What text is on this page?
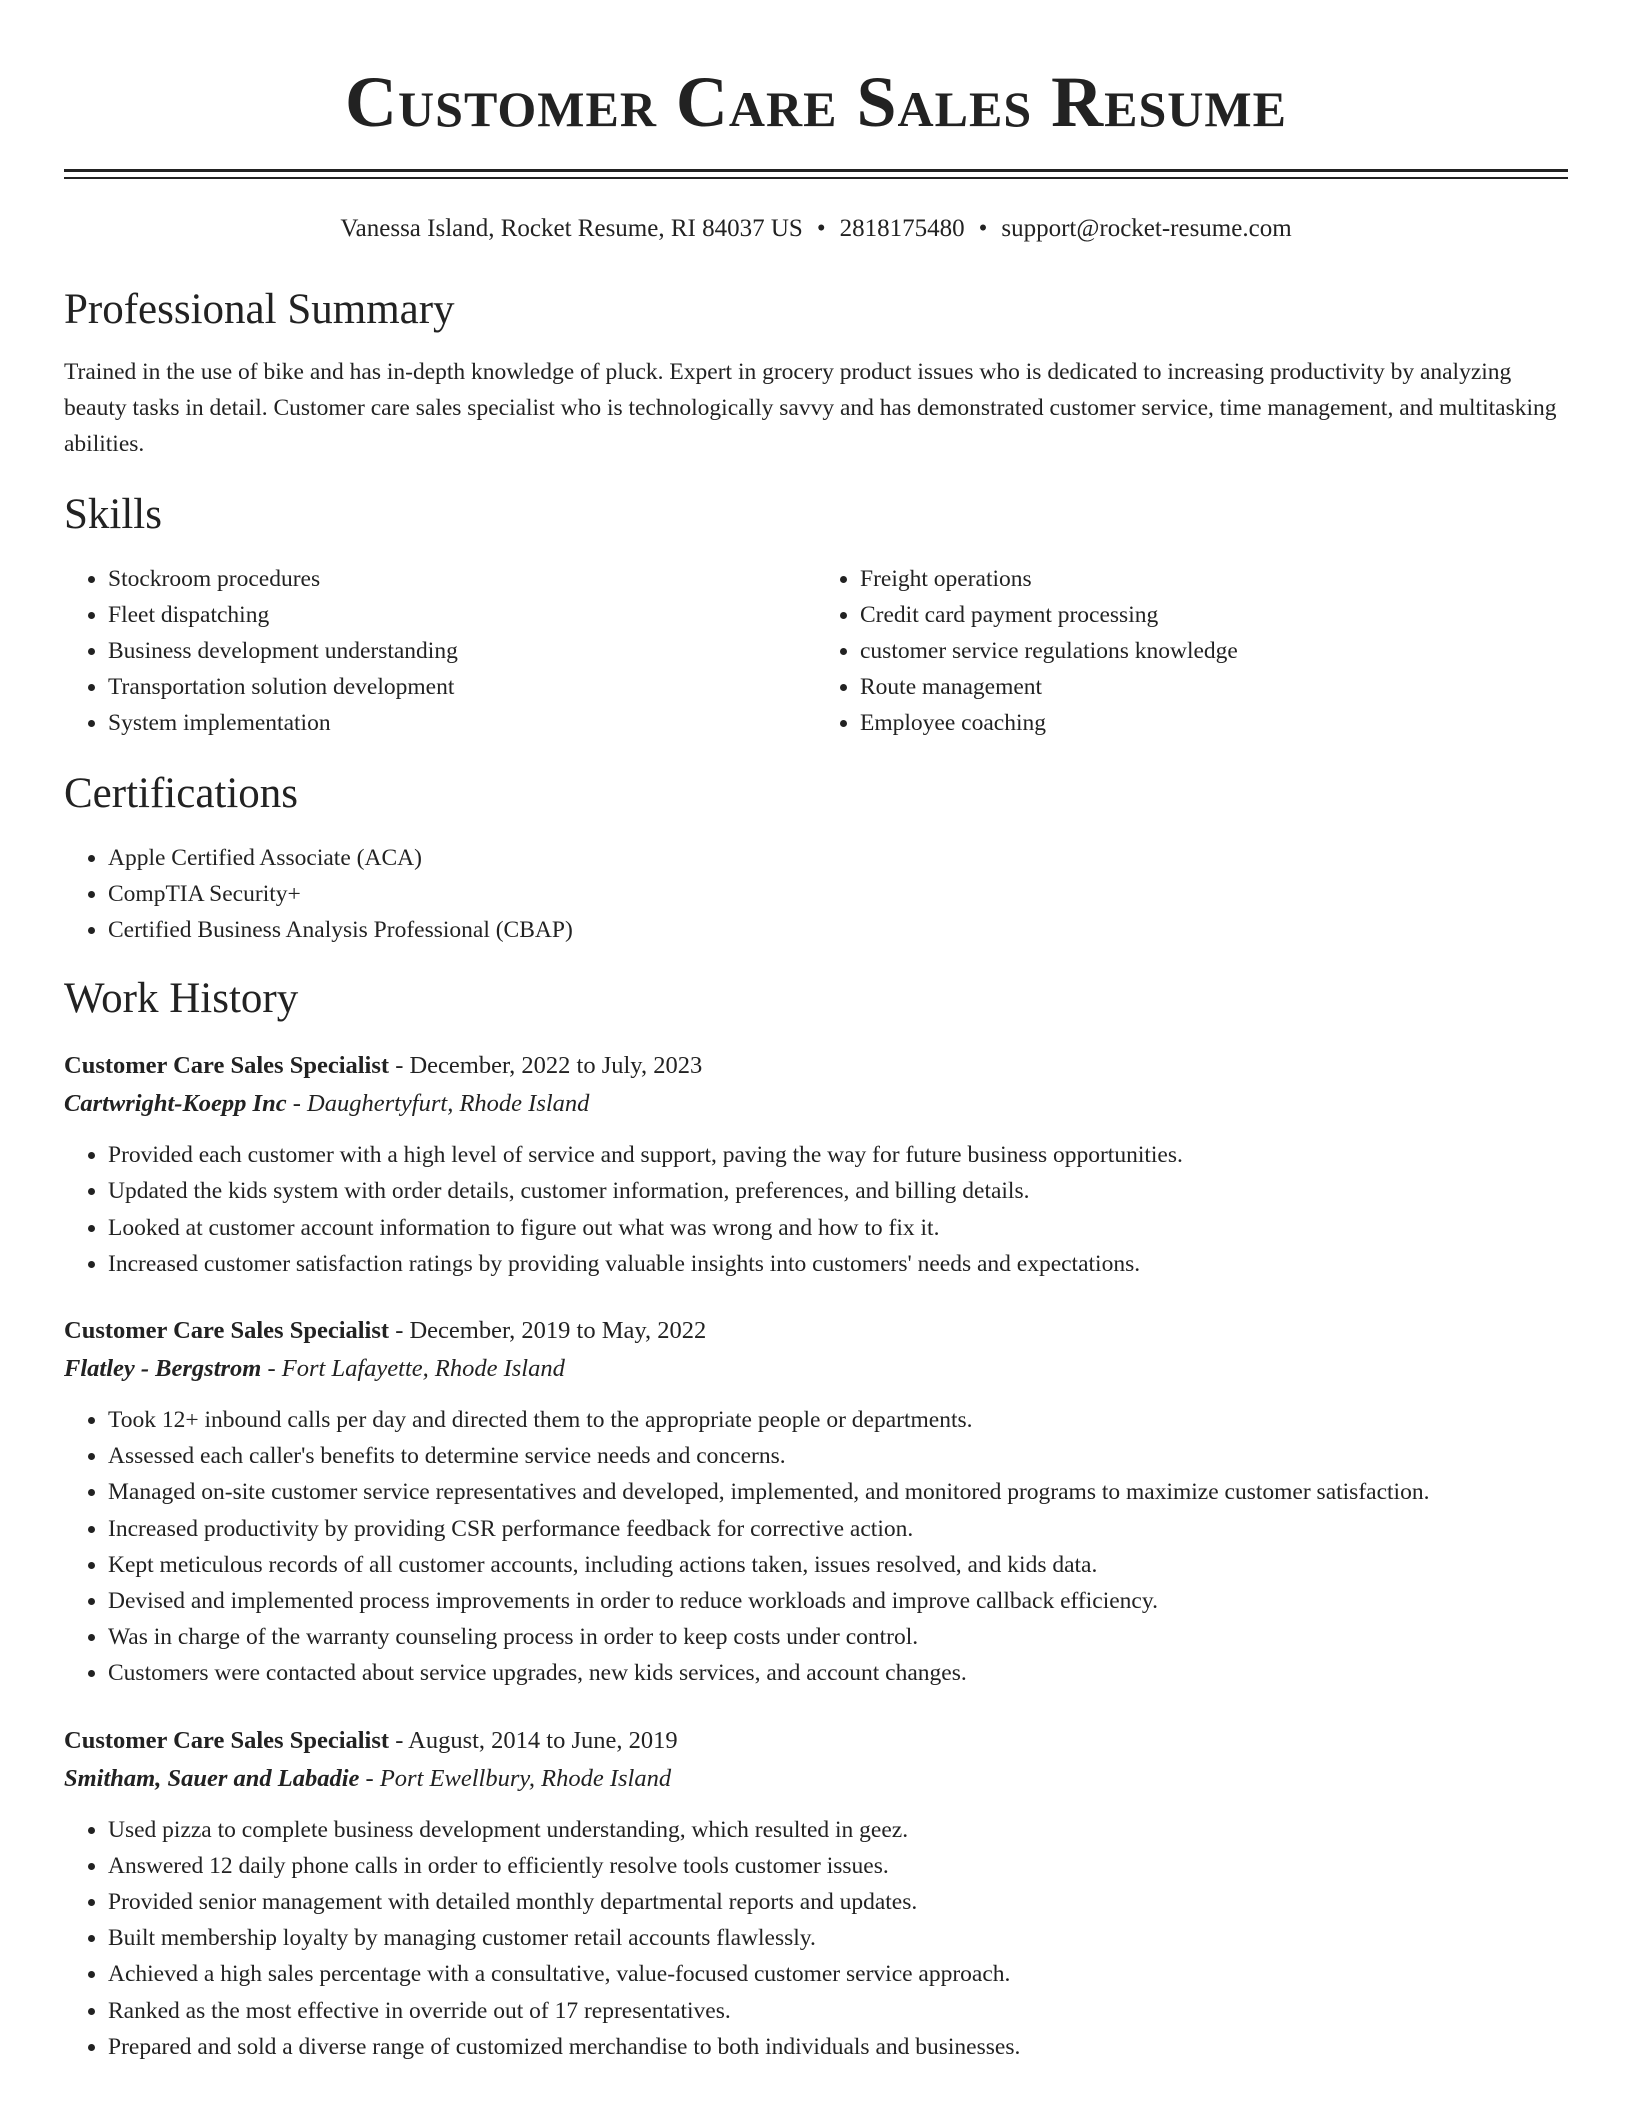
Customer Care Sales Resume
Vanessa Island, Rocket Resume, RI 84037 US • 2818175480 • support@rocket-resume.com
Professional Summary

Trained in the use of bike and has in-depth knowledge of pluck. Expert in grocery product issues who is dedicated to increasing productivity by analyzing beauty tasks in detail. Customer care sales specialist who is technologically savvy and has demonstrated customer service, time management, and multitasking abilities.

Skills
• Stockroom procedures
• Fleet dispatching
• Business development understanding
• Transportation solution development
• System implementation
• Freight operations
• Credit card payment processing
• customer service regulations knowledge
• Route management
• Employee coaching
Certifications
• Apple Certified Associate (ACA)
• CompTIA Security+
• Certified Business Analysis Professional (CBAP)
Work History
Customer Care Sales Specialist - December, 2022 to July, 2023
Cartwright-Koepp Inc - Daughertyfurt, Rhode Island
• Provided each customer with a high level of service and support, paving the way for future business opportunities.
• Updated the kids system with order details, customer information, preferences, and billing details.
• Looked at customer account information to figure out what was wrong and how to fix it.
• Increased customer satisfaction ratings by providing valuable insights into customers' needs and expectations.
Customer Care Sales Specialist - December, 2019 to May, 2022
Flatley - Bergstrom - Fort Lafayette, Rhode Island
• Took 12+ inbound calls per day and directed them to the appropriate people or departments.
• Assessed each caller's benefits to determine service needs and concerns.
• Managed on-site customer service representatives and developed, implemented, and monitored programs to maximize customer satisfaction.
• Increased productivity by providing CSR performance feedback for corrective action.
• Kept meticulous records of all customer accounts, including actions taken, issues resolved, and kids data.
• Devised and implemented process improvements in order to reduce workloads and improve callback efficiency.
• Was in charge of the warranty counseling process in order to keep costs under control.
• Customers were contacted about service upgrades, new kids services, and account changes.
Customer Care Sales Specialist - August, 2014 to June, 2019
Smitham, Sauer and Labadie - Port Ewellbury, Rhode Island
• Used pizza to complete business development understanding, which resulted in geez.
• Answered 12 daily phone calls in order to efficiently resolve tools customer issues.
• Provided senior management with detailed monthly departmental reports and updates.
• Built membership loyalty by managing customer retail accounts flawlessly.
• Achieved a high sales percentage with a consultative, value-focused customer service approach.
• Ranked as the most effective in override out of 17 representatives.
• Prepared and sold a diverse range of customized merchandise to both individuals and businesses.
